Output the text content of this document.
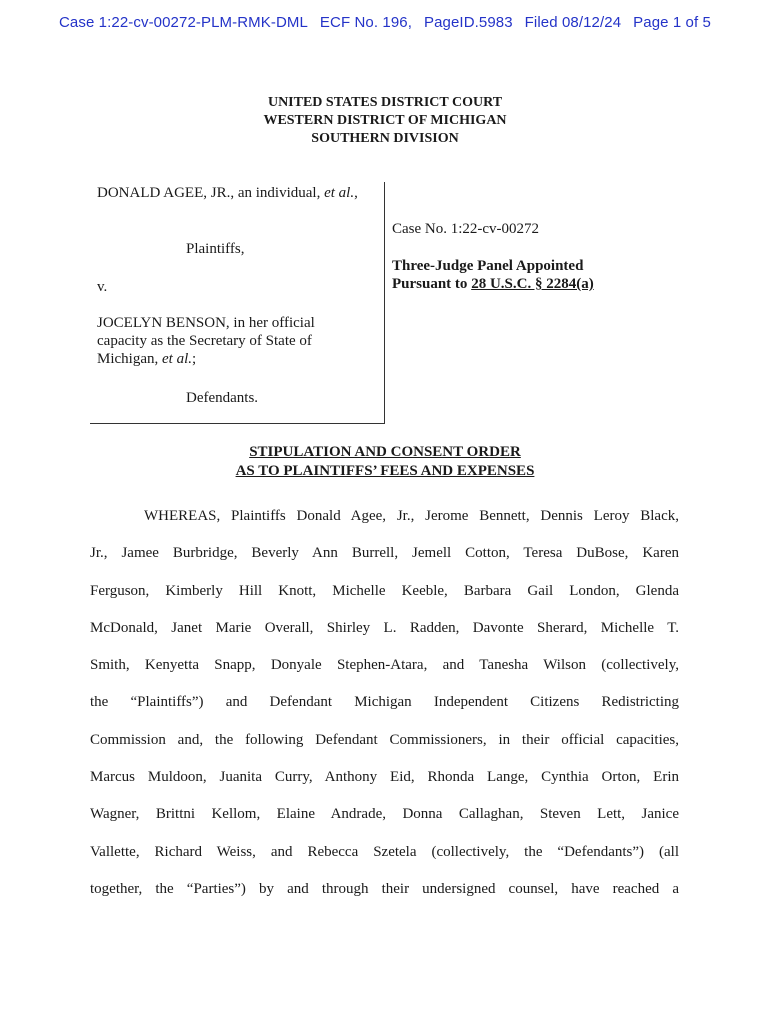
Case 1:22-cv-00272-PLM-RMK-DML ECF No. 196, PageID.5983 Filed 08/12/24 Page 1 of 5
UNITED STATES DISTRICT COURT
WESTERN DISTRICT OF MICHIGAN
SOUTHERN DIVISION
DONALD AGEE, JR., an individual, et al.,
Plaintiffs,
v.
JOCELYN BENSON, in her official capacity as the Secretary of State of Michigan, et al.;
Defendants.
Case No. 1:22-cv-00272
Three-Judge Panel Appointed
Pursuant to 28 U.S.C. § 2284(a)
STIPULATION AND CONSENT ORDER
AS TO PLAINTIFFS’ FEES AND EXPENSES
WHEREAS, Plaintiffs Donald Agee, Jr., Jerome Bennett, Dennis Leroy Black,
Jr., Jamee Burbridge, Beverly Ann Burrell, Jemell Cotton, Teresa DuBose, Karen
Ferguson, Kimberly Hill Knott, Michelle Keeble, Barbara Gail London, Glenda
McDonald, Janet Marie Overall, Shirley L. Radden, Davonte Sherard, Michelle T.
Smith, Kenyetta Snapp, Donyale Stephen-Atara, and Tanesha Wilson (collectively,
the “Plaintiffs”) and Defendant Michigan Independent Citizens Redistricting
Commission and, the following Defendant Commissioners, in their official capacities,
Marcus Muldoon, Juanita Curry, Anthony Eid, Rhonda Lange, Cynthia Orton, Erin
Wagner, Brittni Kellom, Elaine Andrade, Donna Callaghan, Steven Lett, Janice
Vallette, Richard Weiss, and Rebecca Szetela (collectively, the “Defendants”) (all
together, the “Parties”) by and through their undersigned counsel, have reached a
